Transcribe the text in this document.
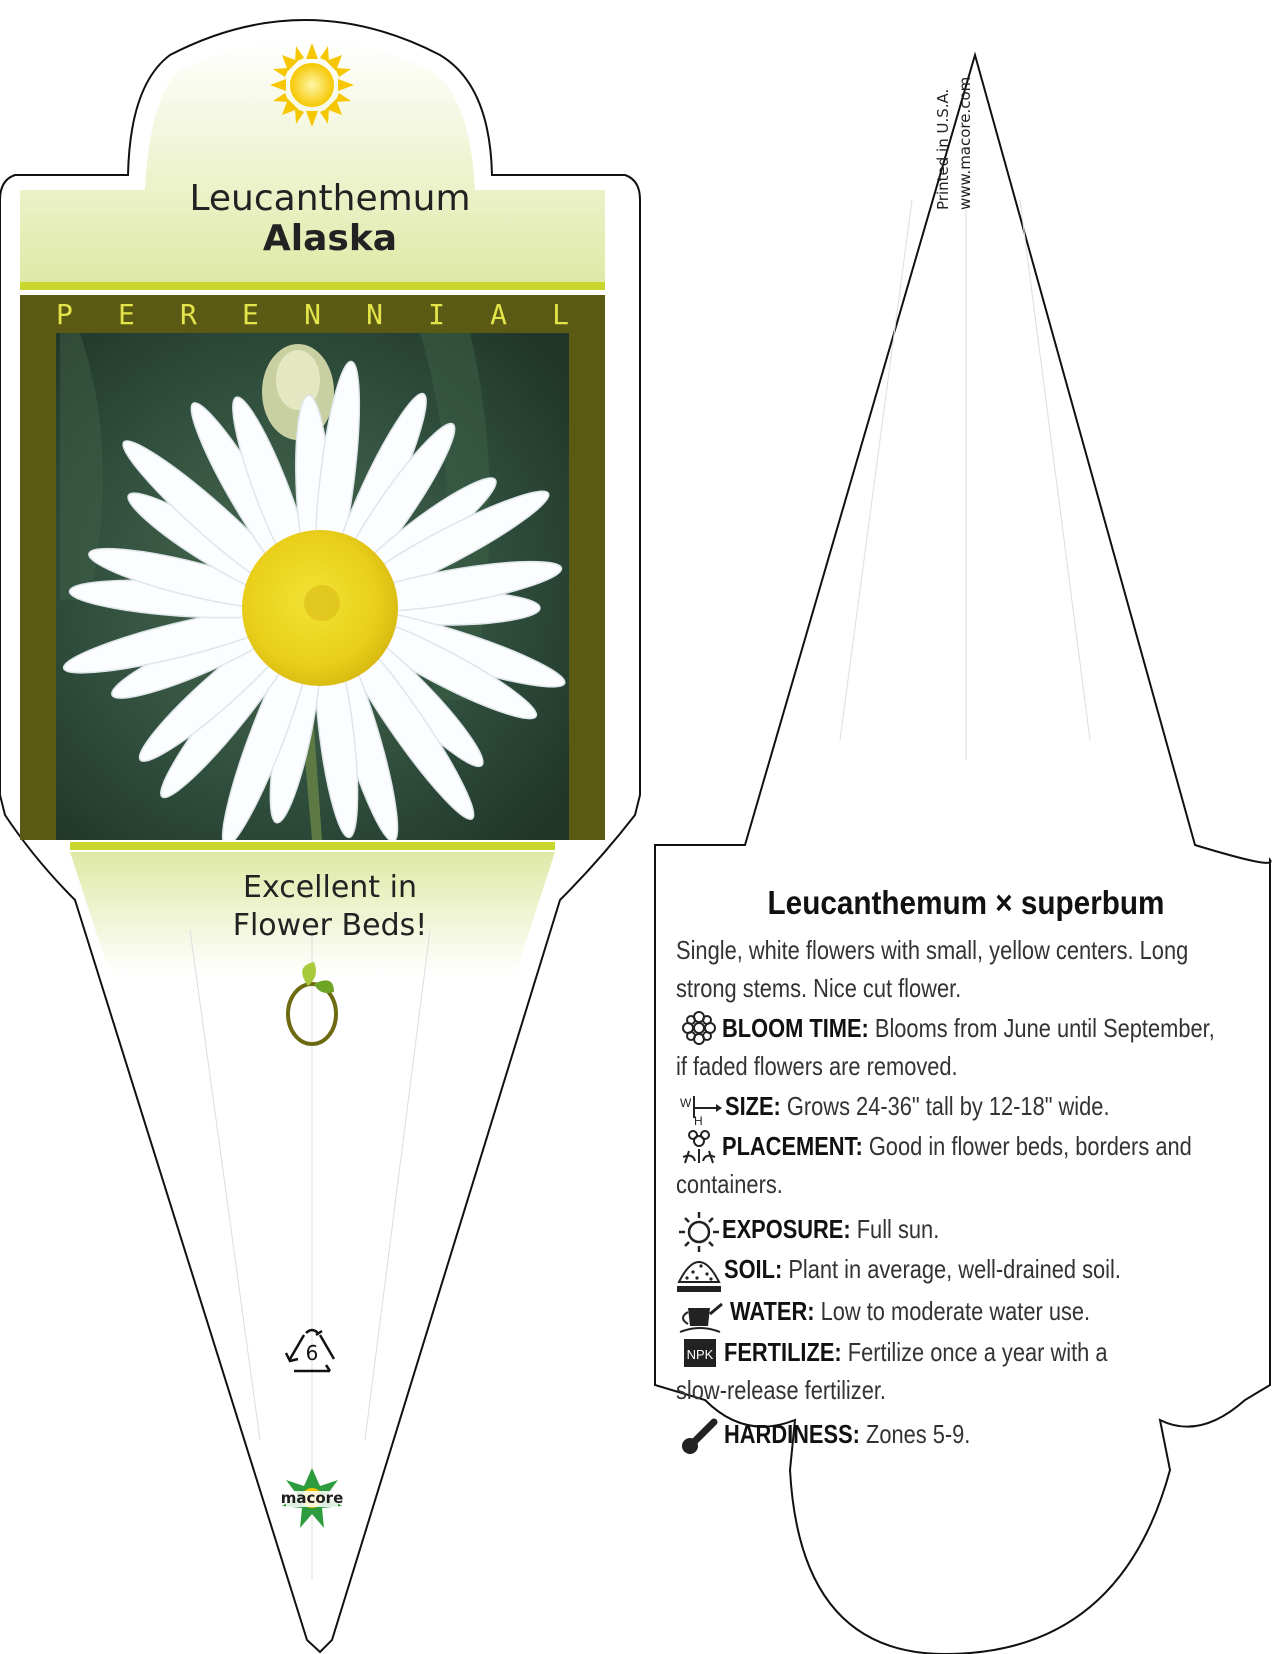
NPK
Leucanthemum
Alaska
P E R E N N I A L
Excellent in
Flower Beds!
6
macore
Printed in U.S.A. www.macore.com
Leucanthemum × superbum
Single, white flowers with small, yellow centers. Long
strong stems. Nice cut flower.
BLOOM TIME: Blooms from June until September,
if faded flowers are removed.
W
H SIZE: Grows 24-36" tall by 12-18" wide.
PLACEMENT: Good in flower beds, borders and
containers.
EXPOSURE: Full sun.
SOIL: Plant in average, well-drained soil.
WATER: Low to moderate water use.
FERTILIZE: Fertilize once a year with a
slow-release fertilizer.
HARDINESS: Zones 5-9.
